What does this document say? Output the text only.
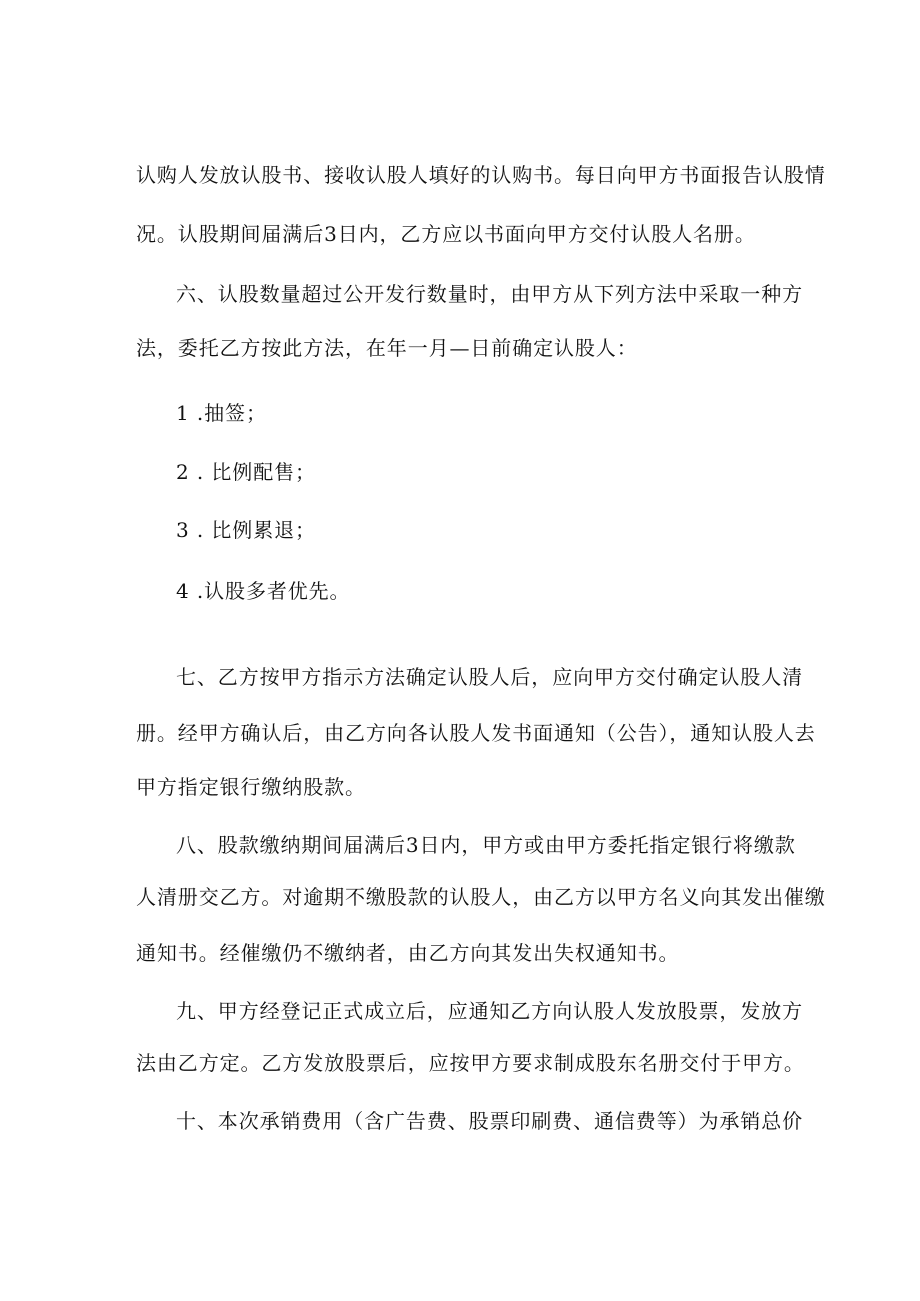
认购人发放认股书、接收认股人填好的认购书。每日向甲方书面报告认股情
况。认股期间届满后3日内，乙方应以书面向甲方交付认股人名册。
六、认股数量超过公开发行数量时，由甲方从下列方法中采取一种方
法，委托乙方按此方法，在年一月—日前确定认股人：
1 .抽签；
2 . 比例配售；
3 . 比例累退；
4 .认股多者优先。
七、乙方按甲方指示方法确定认股人后，应向甲方交付确定认股人清
册。经甲方确认后，由乙方向各认股人发书面通知（公告），通知认股人去
甲方指定银行缴纳股款。
八、股款缴纳期间届满后3日内，甲方或由甲方委托指定银行将缴款
人清册交乙方。对逾期不缴股款的认股人，由乙方以甲方名义向其发出催缴
通知书。经催缴仍不缴纳者，由乙方向其发出失权通知书。
九、甲方经登记正式成立后，应通知乙方向认股人发放股票，发放方
法由乙方定。乙方发放股票后，应按甲方要求制成股东名册交付于甲方。
十、本次承销费用（含广告费、股票印刷费、通信费等）为承销总价
